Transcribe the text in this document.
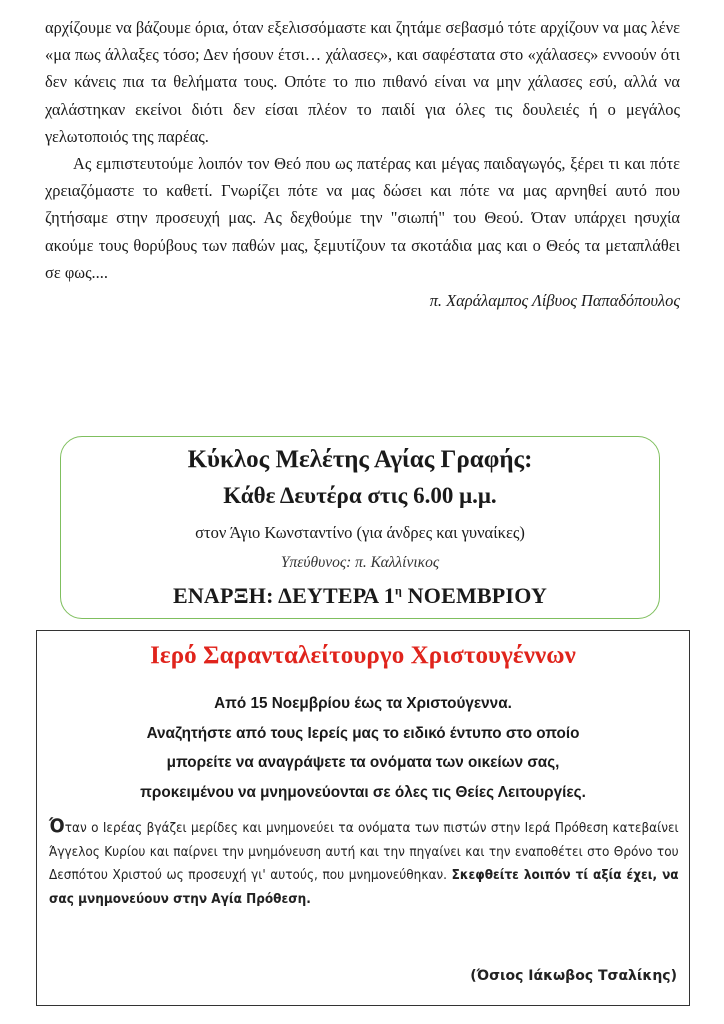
αρχίζουμε να βάζουμε όρια, όταν εξελισσόμαστε και ζητάμε σεβασμό τότε αρχίζουν να μας λένε «μα πως άλλαξες τόσο; Δεν ήσουν έτσι… χάλασες», και σαφέστατα στο «χάλασες» εννοούν ότι δεν κάνεις πια τα θελήματα τους. Οπότε το πιο πιθανό είναι να μην χάλασες εσύ, αλλά να χαλάστηκαν εκείνοι διότι δεν είσαι πλέον το παιδί για όλες τις δουλειές ή ο μεγάλος γελωτοποιός της παρέας.

Ας εμπιστευτούμε λοιπόν τον Θεό που ως πατέρας και μέγας παιδαγωγός, ξέρει τι και πότε χρειαζόμαστε το καθετί. Γνωρίζει πότε να μας δώσει και πότε να μας αρνηθεί αυτό που ζητήσαμε στην προσευχή μας. Ας δεχθούμε την "σιωπή" του Θεού. Όταν υπάρχει ησυχία ακούμε τους θορύβους των παθών μας, ξεμυτίζουν τα σκοτάδια μας και ο Θεός τα μεταπλάθει σε φως....

π. Χαράλαμπος Λίβυος Παπαδόπουλος
Κύκλος Μελέτης Αγίας Γραφής:
Κάθε Δευτέρα στις 6.00 μ.μ.
στον Άγιο Κωνσταντίνο (για άνδρες και γυναίκες)
Υπεύθυνος: π. Καλλίνικος
ΕΝΑΡΞΗ: ΔΕΥΤΕΡΑ $1^\eta$ ΝΟΕΜΒΡΙΟΥ
Ιερό Σαρανταλείτουργο Χριστουγέννων
Από 15 Νοεμβρίου έως τα Χριστούγεννα.
Αναζητήστε από τους Ιερείς μας το ειδικό έντυπο στο οποίο
μπορείτε να αναγράψετε τα ονόματα των οικείων σας,
προκειμένου να μνημονεύονται σε όλες τις Θείες Λειτουργίες.
Όταν ο Ιερέας βγάζει μερίδες και μνημονεύει τα ονόματα των πιστών στην Ιερά Πρόθεση κατεβαίνει Άγγελος Κυρίου και παίρνει την μνημόνευση αυτή και την πηγαίνει και την εναποθέτει στο Θρόνο του Δεσπότου Χριστού ως προσευχή γι' αυτούς, που μνημονεύθηκαν. Σκεφθείτε λοιπόν τί αξία έχει, να σας μνημονεύουν στην Αγία Πρόθεση.
(Όσιος Ιάκωβος Τσαλίκης)
